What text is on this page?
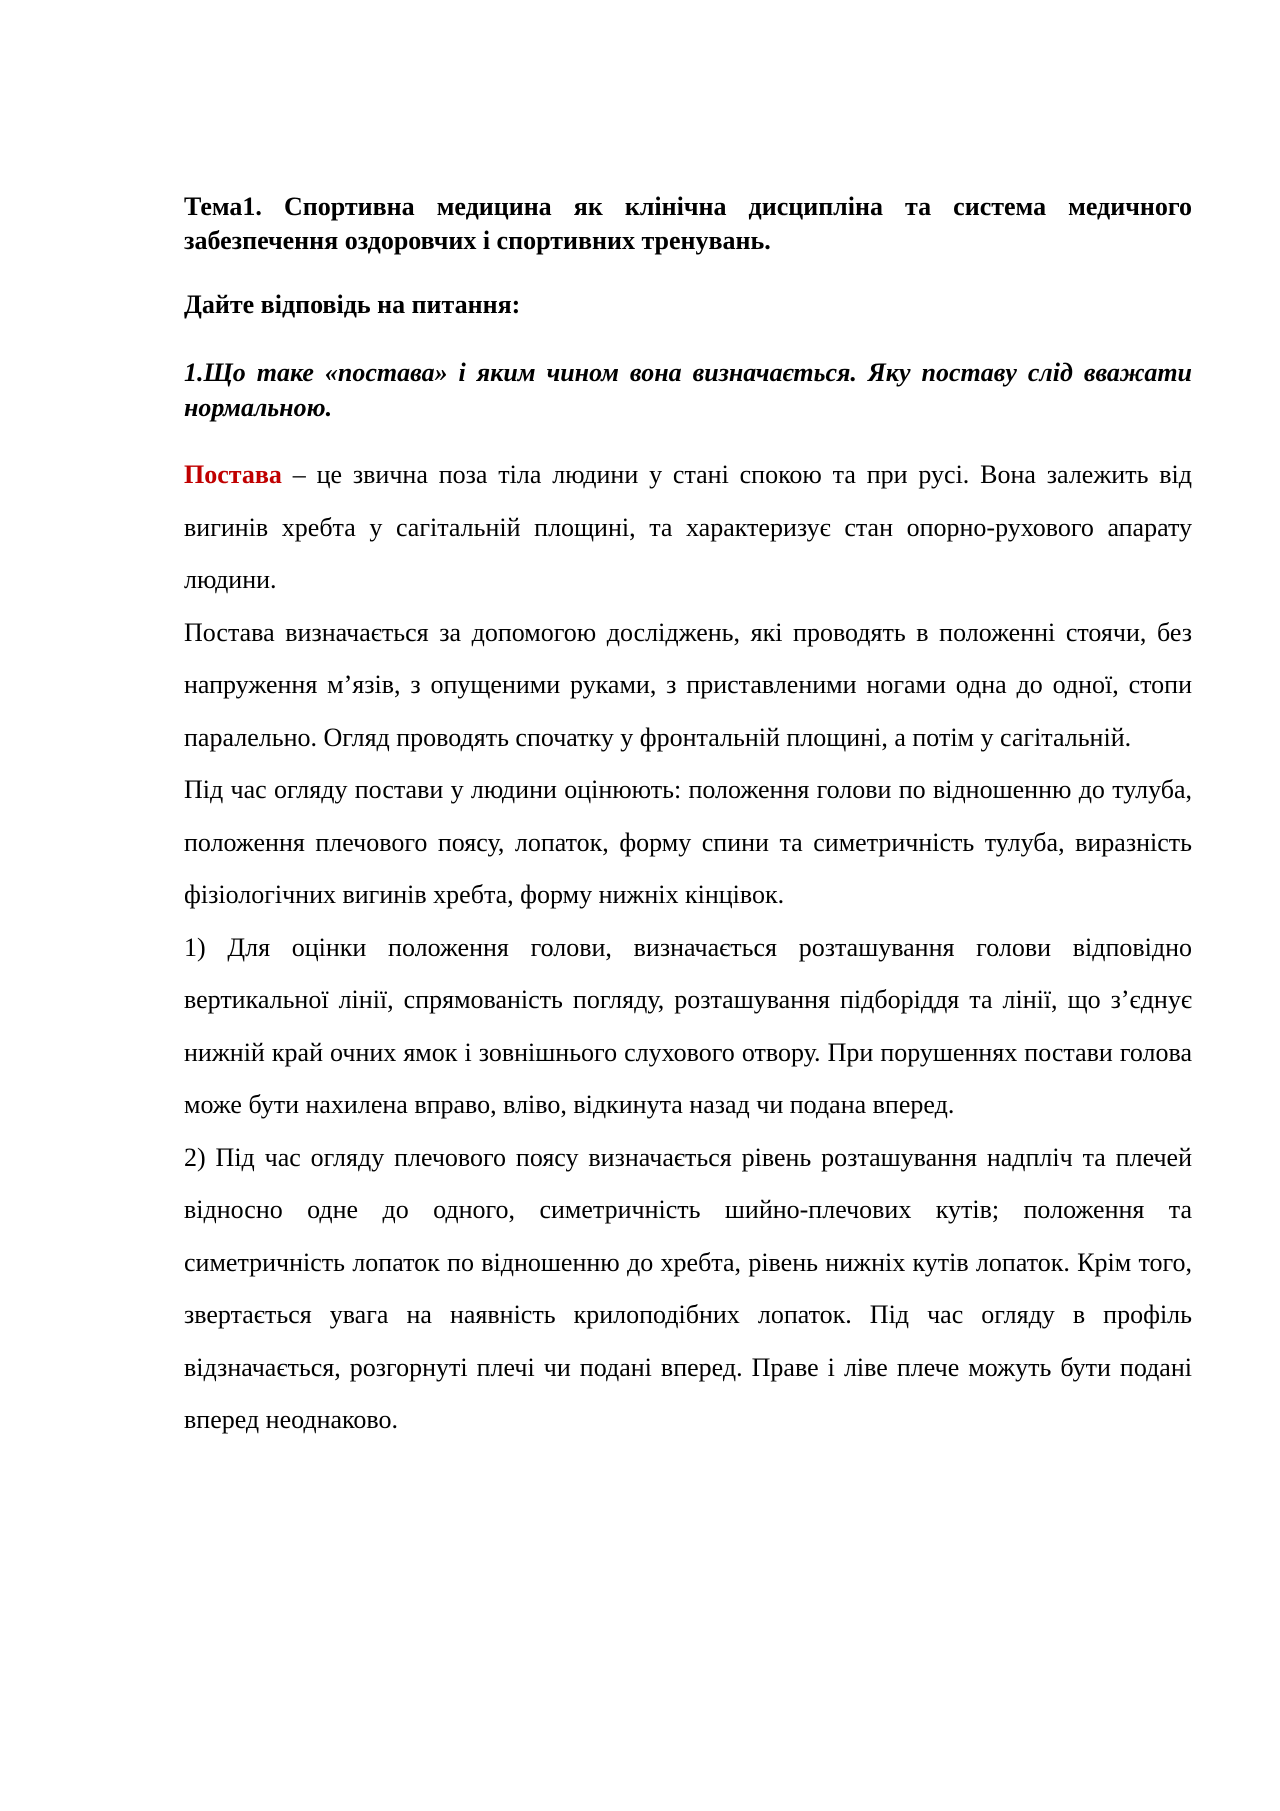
Тема1. Спортивна медицина як клінічна дисципліна та система медичного забезпечення оздоровчих і спортивних тренувань.

Дайте відповідь на питання:

1.Що таке «постава» і яким чином вона визначається. Яку поставу слід вважати нормальною.

Постава – це звична поза тіла людини у стані спокою та при русі. Вона залежить від вигинів хребта у сагітальній площині, та характеризує стан опорно-рухового апарату людини.

Постава визначається за допомогою досліджень, які проводять в положенні стоячи, без напруження м’язів, з опущеними руками, з приставленими ногами одна до одної, стопи паралельно. Огляд проводять спочатку у фронтальній площині, а потім у сагітальній.

Під час огляду постави у людини оцінюють: положення голови по відношенню до тулуба, положення плечового поясу, лопаток, форму спини та симетричність тулуба, виразність фізіологічних вигинів хребта, форму нижніх кінцівок.

1) Для оцінки положення голови, визначається розташування голови відповідно вертикальної лінії, спрямованість погляду, розташування підборіддя та лінії, що з’єднує нижній край очних ямок і зовнішнього слухового отвору. При порушеннях постави голова може бути нахилена вправо, вліво, відкинута назад чи подана вперед.

2) Під час огляду плечового поясу визначається рівень розташування надпліч та плечей відносно одне до одного, симетричність шийно-плечових кутів; положення та симетричність лопаток по відношенню до хребта, рівень нижніх кутів лопаток. Крім того, звертається увага на наявність крилоподібних лопаток. Під час огляду в профіль відзначається, розгорнуті плечі чи подані вперед. Праве і ліве плече можуть бути подані вперед неоднаково.
